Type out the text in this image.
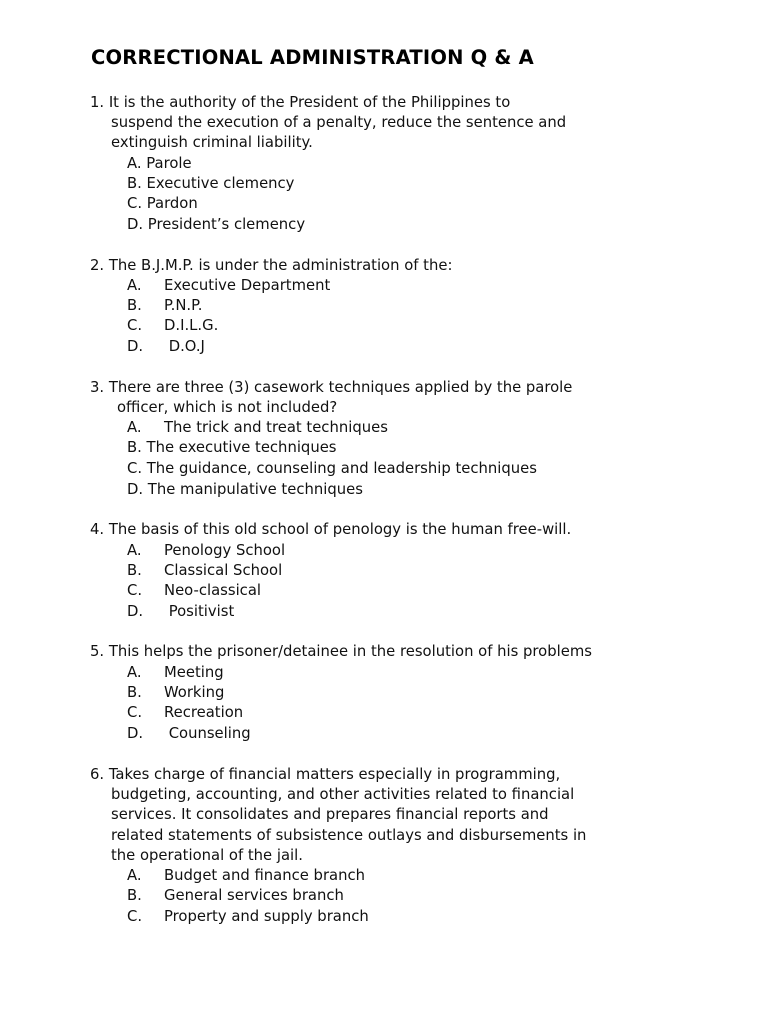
CORRECTIONAL ADMINISTRATION Q & A
1. It is the authority of the President of the Philippines to
suspend the execution of a penalty, reduce the sentence and
extinguish criminal liability.
A. Parole
B. Executive clemency
C. Pardon
D. President’s clemency
2. The B.J.M.P. is under the administration of the:
A. Executive Department
B. P.N.P.
C. D.I.L.G.
D. D.O.J
3. There are three (3) casework techniques applied by the parole
officer, which is not included?
A. The trick and treat techniques
B. The executive techniques
C. The guidance, counseling and leadership techniques
D. The manipulative techniques
4. The basis of this old school of penology is the human free-will.
A. Penology School
B. Classical School
C. Neo-classical
D. Positivist
5. This helps the prisoner/detainee in the resolution of his problems
A. Meeting
B. Working
C. Recreation
D. Counseling
6. Takes charge of financial matters especially in programming,
budgeting, accounting, and other activities related to financial
services. It consolidates and prepares financial reports and
related statements of subsistence outlays and disbursements in
the operational of the jail.
A. Budget and finance branch
B. General services branch
C. Property and supply branch
